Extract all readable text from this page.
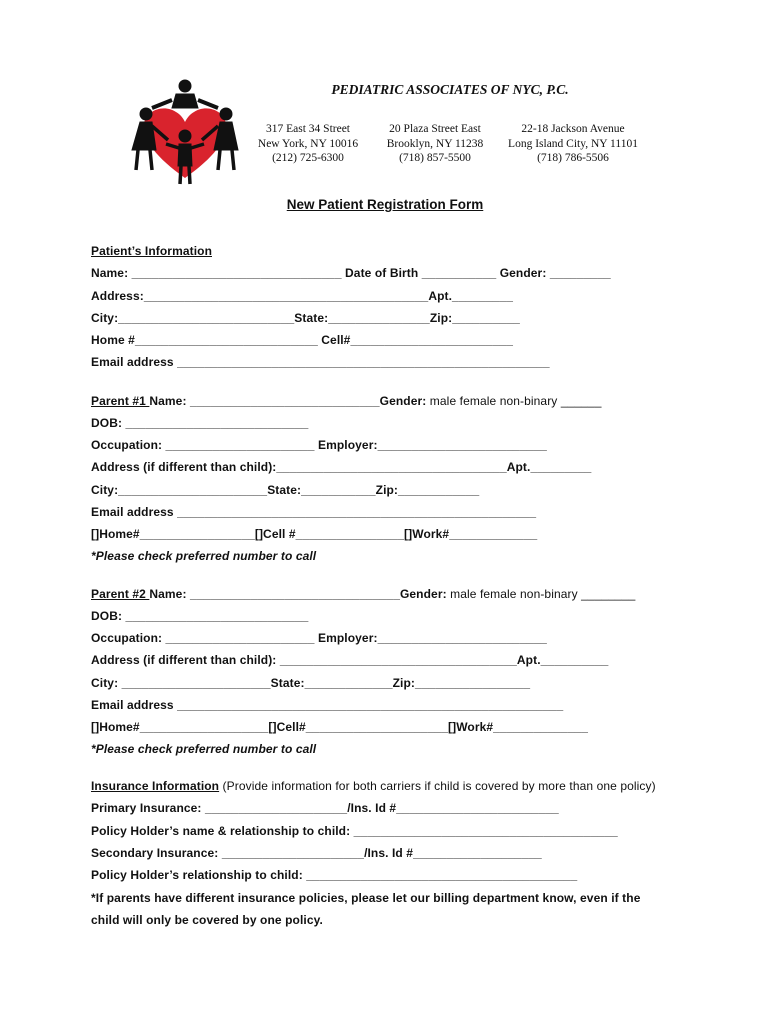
PEDIATRIC ASSOCIATES OF NYC, P.C.
317 East 34 Street
New York, NY 10016
(212) 725-6300
20 Plaza Street East
Brooklyn, NY 11238
(718) 857-5500
22-18 Jackson Avenue
Long Island City, NY 11101
(718) 786-5506
New Patient Registration Form
Patient’s Information
Name: _______________________________ Date of Birth ___________ Gender: _________
Address:__________________________________________Apt._________
City:__________________________State:_______________Zip:__________
Home #___________________________ Cell#________________________
Email address _______________________________________________________
Parent #1 Name: ____________________________Gender: male female non-binary ______
DOB: ___________________________
Occupation: ______________________ Employer:_________________________
Address (if different than child):__________________________________Apt._________
City:______________________State:___________Zip:____________
Email address _____________________________________________________
[]Home#_________________[]Cell #________________[]Work#_____________
*Please check preferred number to call
Parent #2 Name: _______________________________Gender: male female non-binary ________
DOB: ___________________________
Occupation: ______________________ Employer:_________________________
Address (if different than child): ___________________________________Apt.__________
City: ______________________State:_____________Zip:_________________
Email address _________________________________________________________
[]Home#___________________[]Cell#_____________________[]Work#______________
*Please check preferred number to call
Insurance Information (Provide information for both carriers if child is covered by more than one policy)
Primary Insurance: _____________________/Ins. Id #________________________
Policy Holder’s name & relationship to child: _______________________________________
Secondary Insurance: _____________________/Ins. Id #___________________
Policy Holder’s relationship to child: ________________________________________
*If parents have different insurance policies, please let our billing department know, even if the
child will only be covered by one policy.
